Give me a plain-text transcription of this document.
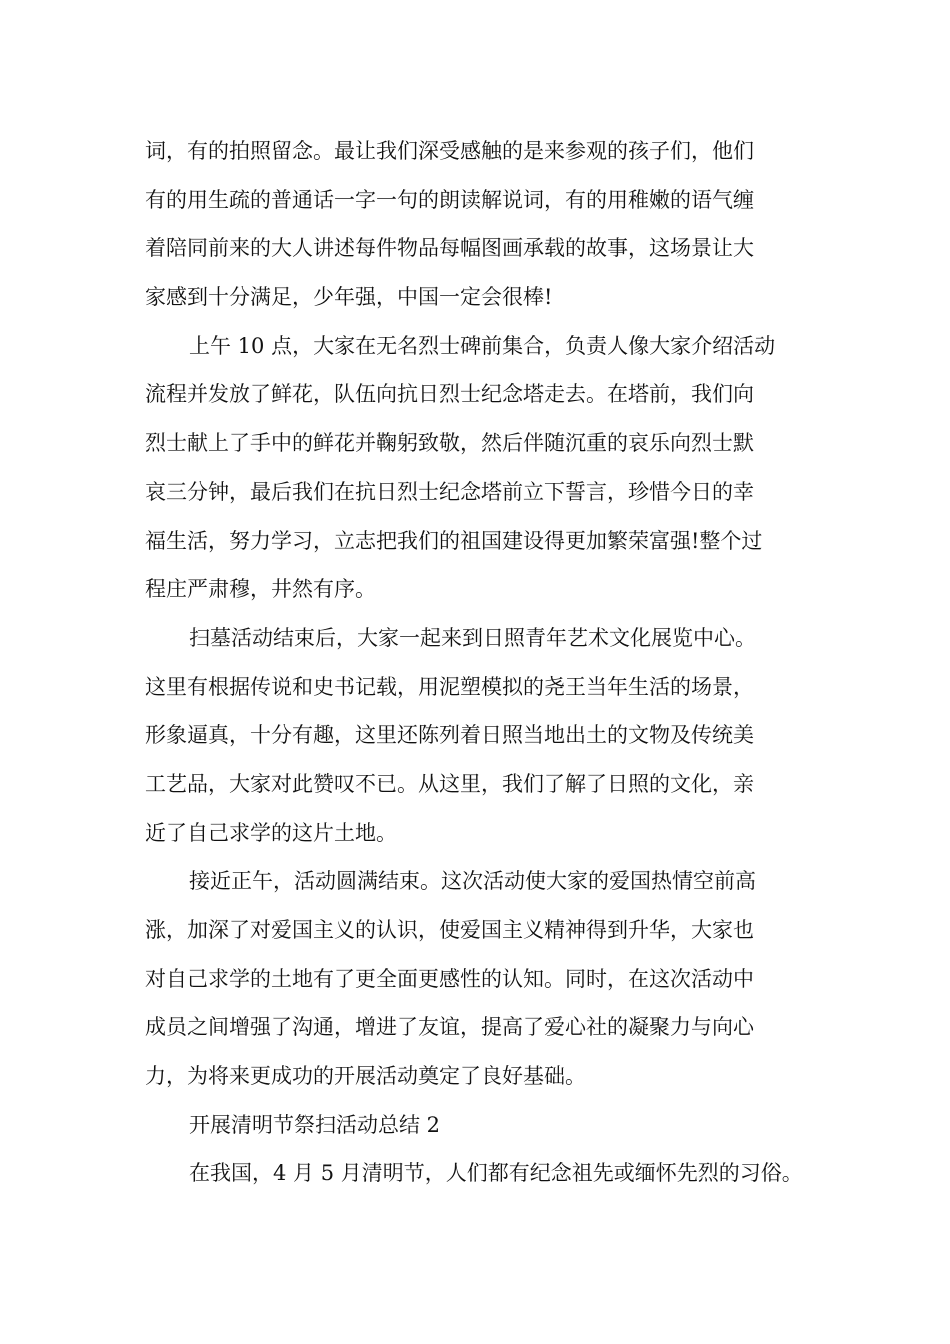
词，有的拍照留念。最让我们深受感触的是来参观的孩子们，他们
有的用生疏的普通话一字一句的朗读解说词，有的用稚嫩的语气缠
着陪同前来的大人讲述每件物品每幅图画承载的故事，这场景让大
家感到十分满足，少年强，中国一定会很棒!
上午 10 点，大家在无名烈士碑前集合，负责人像大家介绍活动
流程并发放了鲜花，队伍向抗日烈士纪念塔走去。在塔前，我们向
烈士献上了手中的鲜花并鞠躬致敬，然后伴随沉重的哀乐向烈士默
哀三分钟，最后我们在抗日烈士纪念塔前立下誓言，珍惜今日的幸
福生活，努力学习，立志把我们的祖国建设得更加繁荣富强!整个过
程庄严肃穆，井然有序。
扫墓活动结束后，大家一起来到日照青年艺术文化展览中心。
这里有根据传说和史书记载，用泥塑模拟的尧王当年生活的场景，
形象逼真，十分有趣，这里还陈列着日照当地出土的文物及传统美
工艺品，大家对此赞叹不已。从这里，我们了解了日照的文化，亲
近了自己求学的这片土地。
接近正午，活动圆满结束。这次活动使大家的爱国热情空前高
涨，加深了对爱国主义的认识，使爱国主义精神得到升华，大家也
对自己求学的土地有了更全面更感性的认知。同时，在这次活动中
成员之间增强了沟通，增进了友谊，提高了爱心社的凝聚力与向心
力，为将来更成功的开展活动奠定了良好基础。
开展清明节祭扫活动总结 2
在我国，4 月 5 月清明节，人们都有纪念祖先或缅怀先烈的习俗。
